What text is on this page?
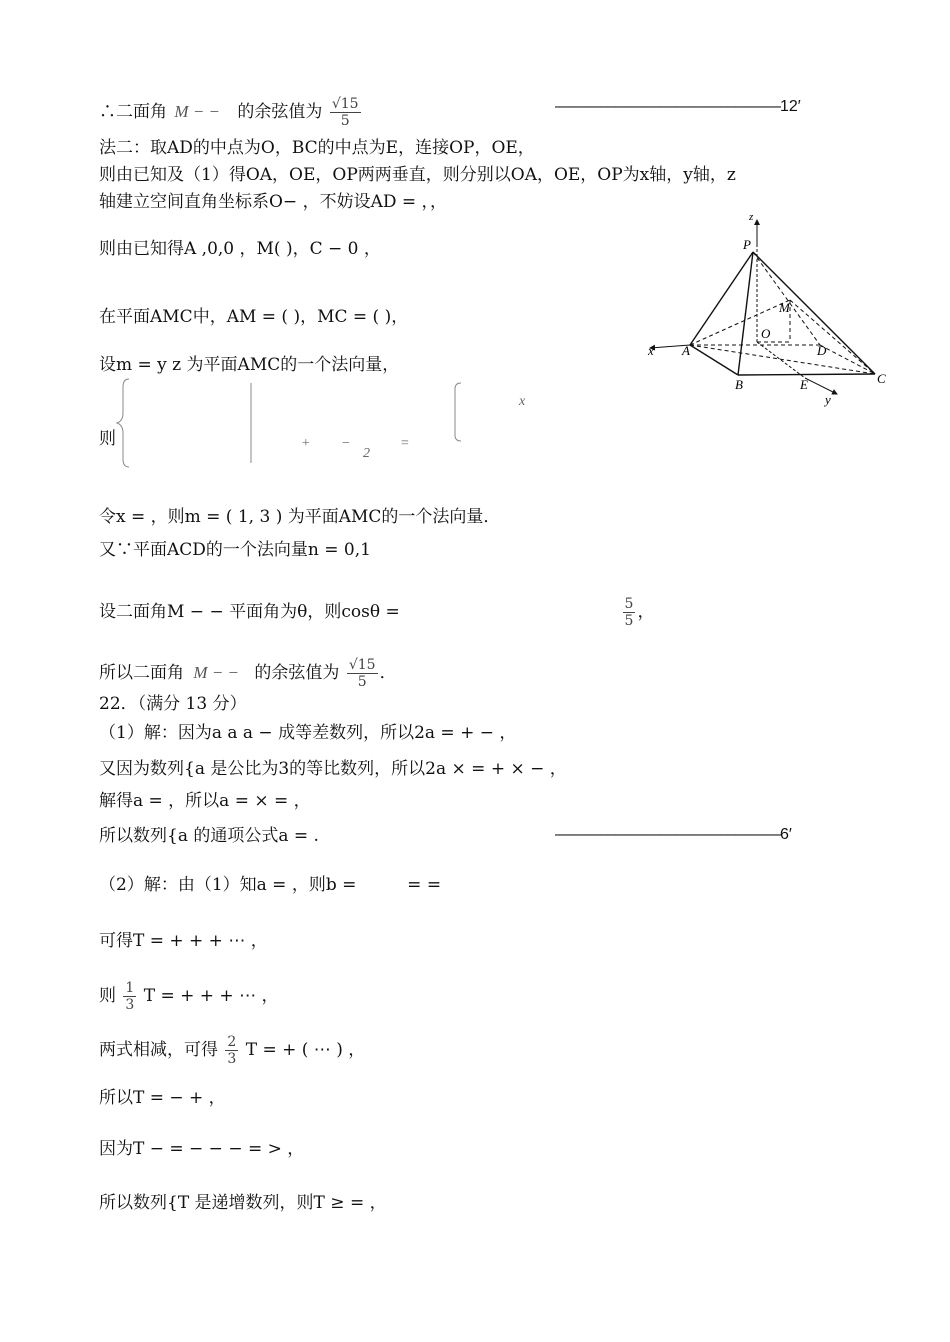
∴二面角 M − − 的余弦值为 $\frac{√15}{5}$	———————————————12′
法二：取AD的中点为O，BC的中点为E，连接OP，OE，
则由已知及（1）得OA，OE，OP两两垂直，则分别以OA，OE，OP为x轴，y轴，z
轴建立空间直角坐标系O− ，不妨设AD = ，，
则由已知得A ,0,0 ，M( )，C − 0 ，
在平面AMC中，AM = ( )，MC = ( )，
设m = y z 为平面AMC的一个法向量，
则	+ −
2
=
x
令x = ，则m = ( 1, 3 ) 为平面AMC的一个法向量．
又∵平面ACD的一个法向量n = 0,1
设二面角M − − 平面角为θ，则cosθ =	$\frac{5}{5}$ ，
所以二面角 M − − 的余弦值为 $\frac{√15}{5}$ ．
22．（满分 13 分）
（1）解：因为a a a − 成等差数列，所以2a = + − ，
又因为数列{a 是公比为3的等比数列，所以2a × = + × − ，
解得a = ，所以a = × = ，
所以数列{a 的通项公式a = .	———————————————6′
（2）解：由（1）知a = ，则b =	= =
可得T = + + + ⋯ ，
则 $\frac{1}{3}$ T = + + + ⋯ ，
两式相减，可得 $\frac{2}{3}$ T = + ( ⋯ ) ，
所以T = − + ，
因为T − = − − − = > ，
所以数列{T 是递增数列，则T ≥ = ，
z
P
M
O
D
x A
B	E	C
y
